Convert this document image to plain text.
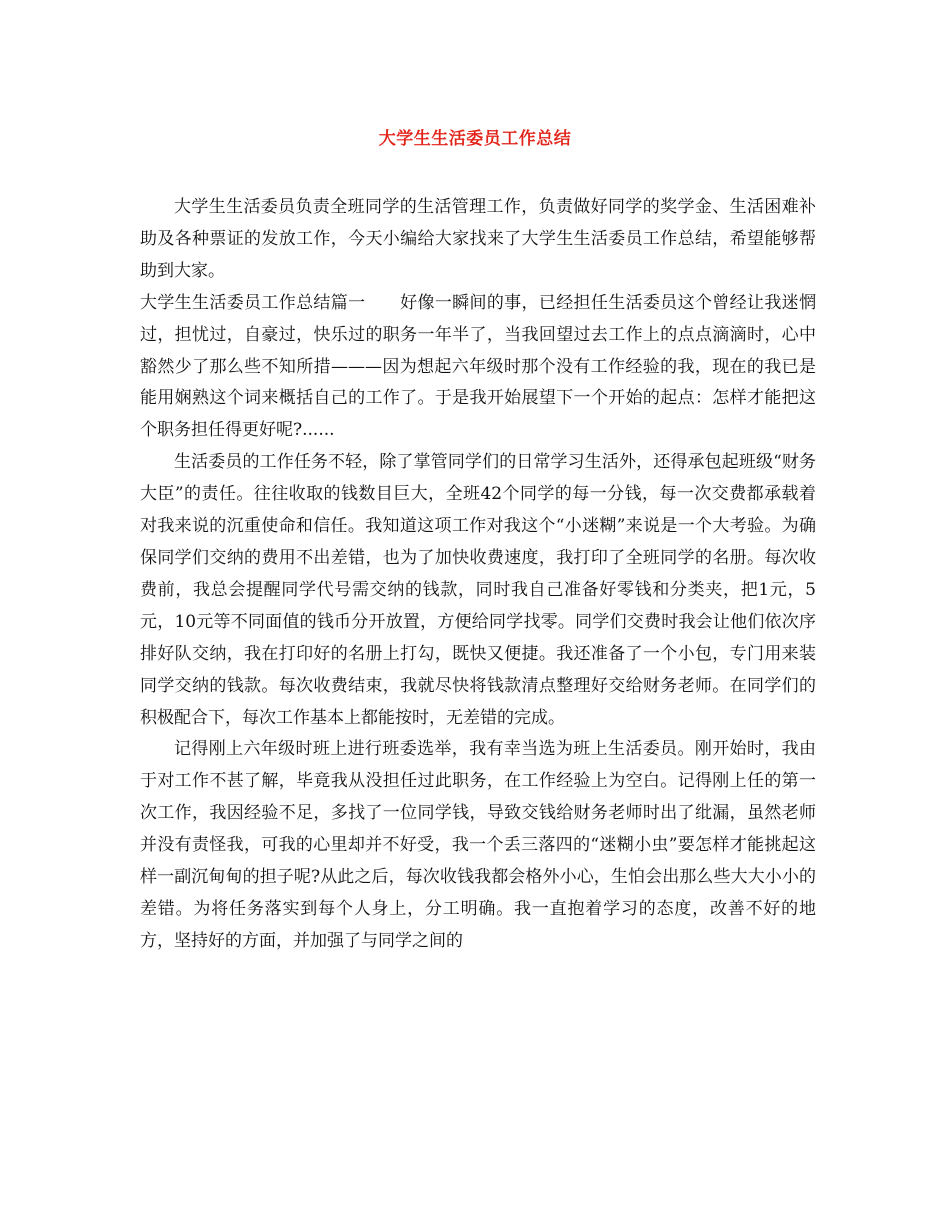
大学生生活委员工作总结

大学生生活委员负责全班同学的生活管理工作，负责做好同学的奖学金、生活困难补助及各种票证的发放工作，今天小编给大家找来了大学生生活委员工作总结，希望能够帮助到大家。

大学生生活委员工作总结篇一　　好像一瞬间的事，已经担任生活委员这个曾经让我迷惘过，担忧过，自豪过，快乐过的职务一年半了，当我回望过去工作上的点点滴滴时，心中豁然少了那么些不知所措———因为想起六年级时那个没有工作经验的我，现在的我已是能用娴熟这个词来概括自己的工作了。于是我开始展望下一个开始的起点：怎样才能把这个职务担任得更好呢?......

生活委员的工作任务不轻，除了掌管同学们的日常学习生活外，还得承包起班级“财务大臣”的责任。往往收取的钱数目巨大，全班42个同学的每一分钱，每一次交费都承载着对我来说的沉重使命和信任。我知道这项工作对我这个“小迷糊”来说是一个大考验。为确保同学们交纳的费用不出差错，也为了加快收费速度，我打印了全班同学的名册。每次收费前，我总会提醒同学代号需交纳的钱款，同时我自己准备好零钱和分类夹，把1元，5元，10元等不同面值的钱币分开放置，方便给同学找零。同学们交费时我会让他们依次序排好队交纳，我在打印好的名册上打勾，既快又便捷。我还准备了一个小包，专门用来装同学交纳的钱款。每次收费结束，我就尽快将钱款清点整理好交给财务老师。在同学们的积极配合下，每次工作基本上都能按时，无差错的完成。

记得刚上六年级时班上进行班委选举，我有幸当选为班上生活委员。刚开始时，我由于对工作不甚了解，毕竟我从没担任过此职务，在工作经验上为空白。记得刚上任的第一次工作，我因经验不足，多找了一位同学钱，导致交钱给财务老师时出了纰漏，虽然老师并没有责怪我，可我的心里却并不好受，我一个丢三落四的“迷糊小虫”要怎样才能挑起这样一副沉甸甸的担子呢?从此之后，每次收钱我都会格外小心，生怕会出那么些大大小小的差错。为将任务落实到每个人身上，分工明确。我一直抱着学习的态度，改善不好的地方，坚持好的方面，并加强了与同学之间的
